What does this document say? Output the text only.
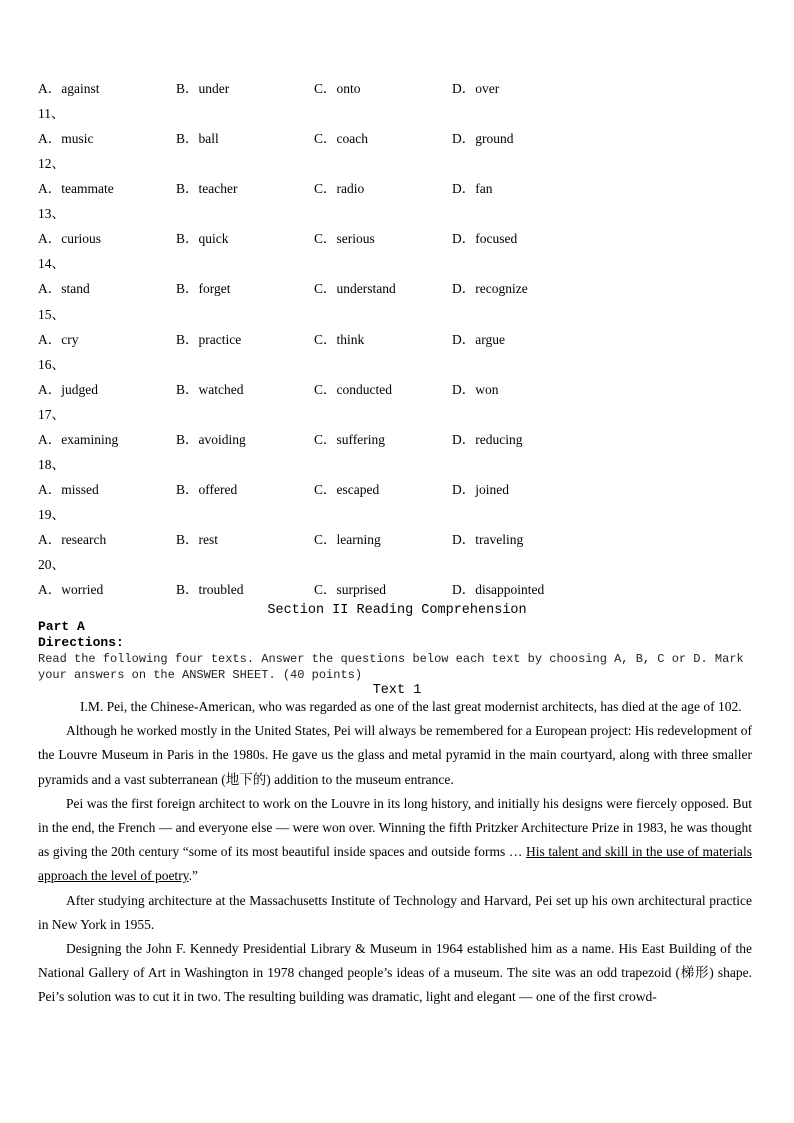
A．against	B．under	C．onto	D．over
11、
A．music	B．ball	C．coach	D．ground
12、
A．teammate	B．teacher	C．radio	D．fan
13、
A．curious	B．quick	C．serious	D．focused
14、
A．stand	B．forget	C．understand	D．recognize
15、
A．cry	B．practice	C．think	D．argue
16、
A．judged	B．watched	C．conducted	D．won
17、
A．examining	B．avoiding	C．suffering	D．reducing
18、
A．missed	B．offered	C．escaped	D．joined
19、
A．research	B．rest	C．learning	D．traveling
20、
A．worried	B．troubled	C．surprised	D．disappointed
Section II Reading Comprehension
Part A
Directions:
Read the following four texts. Answer the questions below each text by choosing A, B, C or D. Mark your answers on the ANSWER SHEET. (40 points)
Text 1

I.M. Pei, the Chinese-American, who was regarded as one of the last great modernist architects, has died at the age of 102.

Although he worked mostly in the United States, Pei will always be remembered for a European project: His redevelopment of the Louvre Museum in Paris in the 1980s. He gave us the glass and metal pyramid in the main courtyard, along with three smaller pyramids and a vast subterranean (地下的) addition to the museum entrance.

Pei was the first foreign architect to work on the Louvre in its long history, and initially his designs were fiercely opposed. But in the end, the French — and everyone else — were won over. Winning the fifth Pritzker Architecture Prize in 1983, he was thought as giving the 20th century “some of its most beautiful inside spaces and outside forms … His talent and skill in the use of materials approach the level of poetry.”

After studying architecture at the Massachusetts Institute of Technology and Harvard, Pei set up his own architectural practice in New York in 1955.

Designing the John F. Kennedy Presidential Library & Museum in 1964 established him as a name. His East Building of the National Gallery of Art in Washington in 1978 changed people’s ideas of a museum. The site was an odd trapezoid (梯形) shape. Pei’s solution was to cut it in two. The resulting building was dramatic, light and elegant — one of the first crowd-
